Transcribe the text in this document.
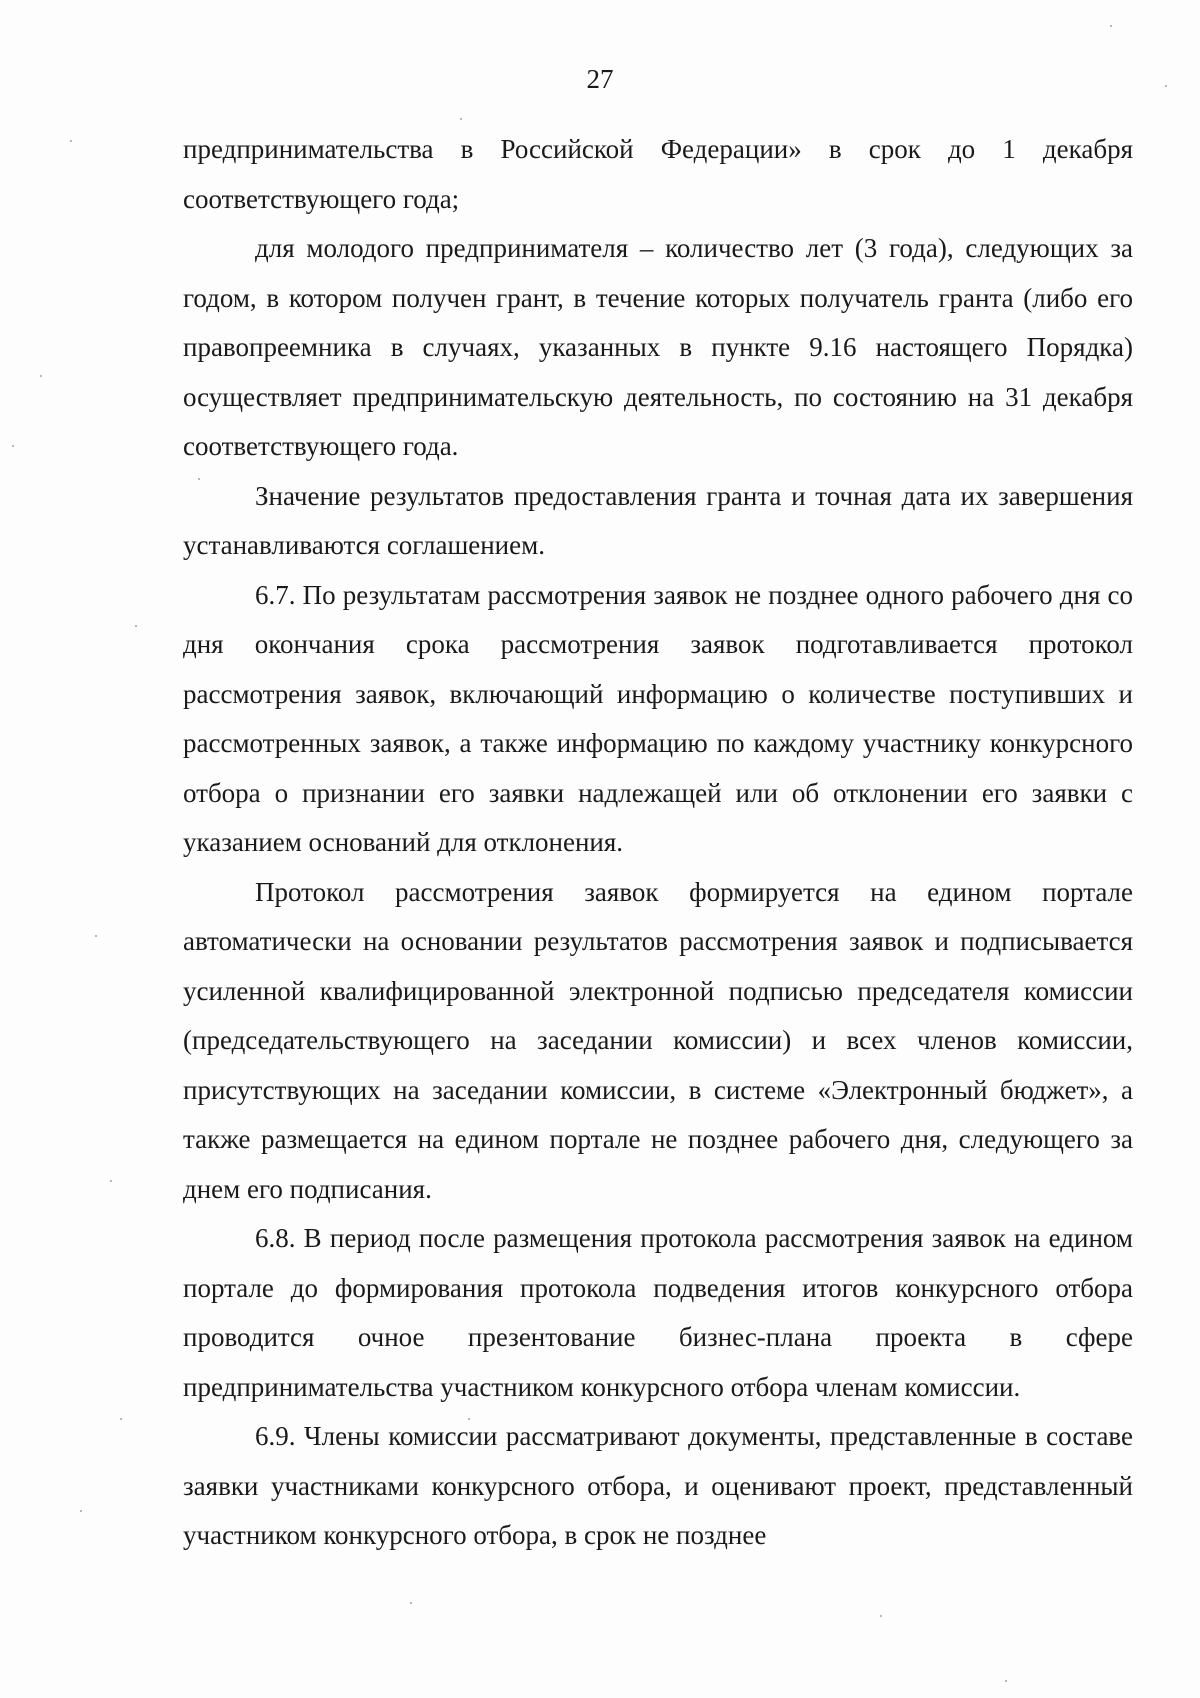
27

предпринимательства в Российской Федерации» в срок до 1 декабря соответствующего года;

для молодого предпринимателя – количество лет (3 года), следующих за годом, в котором получен грант, в течение которых получатель гранта (либо его правопреемника в случаях, указанных в пункте 9.16 настоящего Порядка) осуществляет предпринимательскую деятельность, по состоянию на 31 декабря соответствующего года.

Значение результатов предоставления гранта и точная дата их завершения устанавливаются соглашением.

6.7. По результатам рассмотрения заявок не позднее одного рабочего дня со дня окончания срока рассмотрения заявок подготавливается протокол рассмотрения заявок, включающий информацию о количестве поступивших и рассмотренных заявок, а также информацию по каждому участнику конкурсного отбора о признании его заявки надлежащей или об отклонении его заявки с указанием оснований для отклонения.

Протокол рассмотрения заявок формируется на едином портале автоматически на основании результатов рассмотрения заявок и подписывается усиленной квалифицированной электронной подписью председателя комиссии (председательствующего на заседании комиссии) и всех членов комиссии, присутствующих на заседании комиссии, в системе «Электронный бюджет», а также размещается на едином портале не позднее рабочего дня, следующего за днем его подписания.

6.8. В период после размещения протокола рассмотрения заявок на едином портале до формирования протокола подведения итогов конкурсного отбора проводится очное презентование бизнес-плана проекта в сфере предпринимательства участником конкурсного отбора членам комиссии.

6.9. Члены комиссии рассматривают документы, представленные в составе заявки участниками конкурсного отбора, и оценивают проект, представленный участником конкурсного отбора, в срок не позднее
